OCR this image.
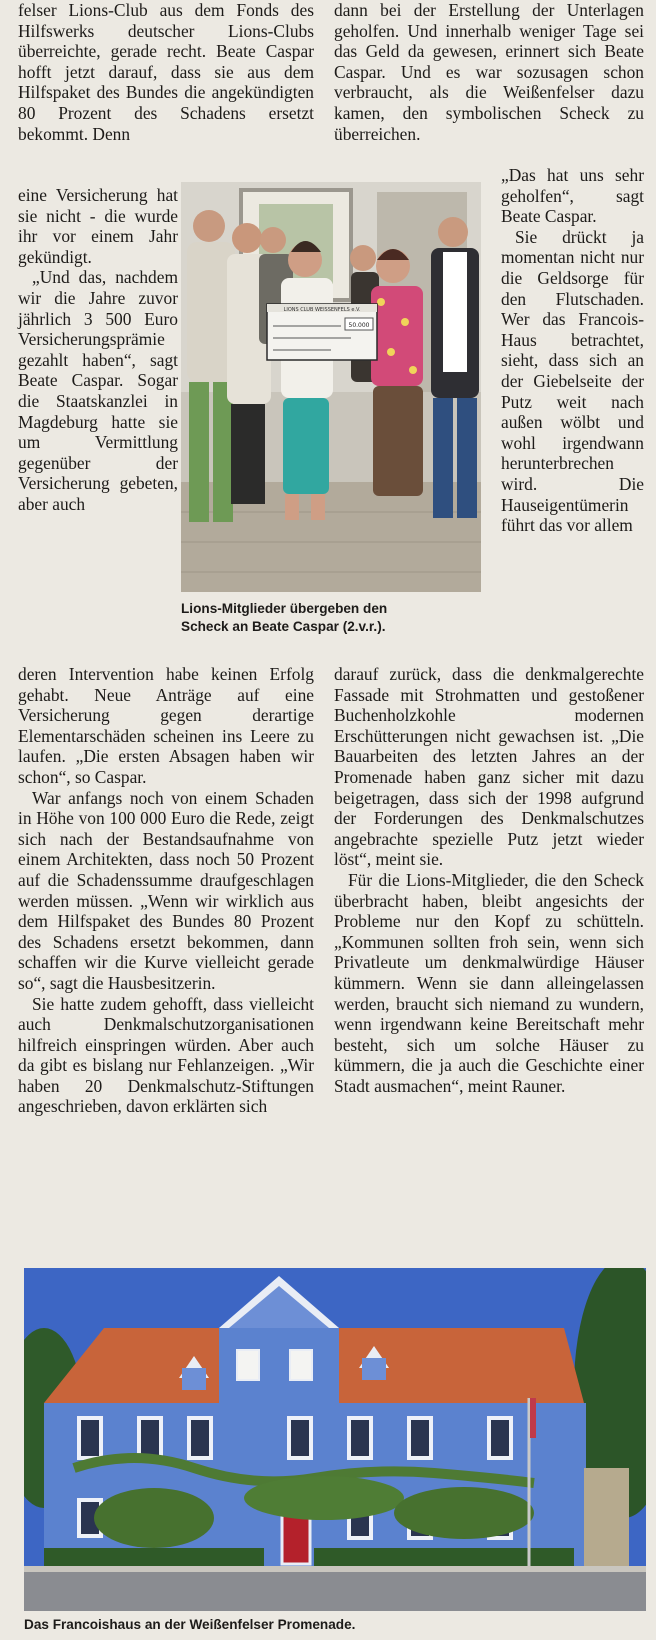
felser Lions-Club aus dem Fonds des Hilfswerks deutscher Lions-Clubs überreichte, gerade recht. Beate Caspar hofft jetzt darauf, dass sie aus dem Hilfspaket des Bundes die angekündigten 80 Prozent des Schadens ersetzt bekommt. Denn

eine Versicherung hat sie nicht - die wurde ihr vor einem Jahr gekündigt.

„Und das, nachdem wir die Jahre zuvor jährlich 3 500 Euro Versicherungsprämie gezahlt haben“, sagt Beate Caspar. Sogar die Staatskanzlei in Magdeburg hatte sie um Vermittlung gegenüber der Versicherung gebeten, aber auch

dann bei der Erstellung der Unterlagen geholfen. Und innerhalb weniger Tage sei das Geld da gewesen, erinnert sich Beate Caspar. Und es war sozusagen schon verbraucht, als die Weißenfelser dazu kamen, den symbolischen Scheck zu überreichen.

„Das hat uns sehr geholfen“, sagt Beate Caspar.

Sie drückt ja momentan nicht nur die Geldsorge für den Flutschaden. Wer das Francois-Haus betrachtet, sieht, dass sich an der Giebelseite der Putz weit nach außen wölbt und wohl irgendwann herunterbrechen wird. Die Hauseigentümerin führt das vor allem

LIONS CLUB WEISSENFELS e.V.
50.000
Lions-Mitglieder übergeben den
Scheck an Beate Caspar (2.v.r.).

deren Intervention habe keinen Erfolg gehabt. Neue Anträge auf eine Versicherung gegen derartige Elementarschäden scheinen ins Leere zu laufen. „Die ersten Absagen haben wir schon“, so Caspar.

War anfangs noch von einem Schaden in Höhe von 100 000 Euro die Rede, zeigt sich nach der Bestandsaufnahme von einem Architekten, dass noch 50 Prozent auf die Schadenssumme draufgeschlagen werden müssen. „Wenn wir wirklich aus dem Hilfspaket des Bundes 80 Prozent des Schadens ersetzt bekommen, dann schaffen wir die Kurve vielleicht gerade so“, sagt die Hausbesitzerin.

Sie hatte zudem gehofft, dass vielleicht auch Denkmalschutzorganisationen hilfreich einspringen würden. Aber auch da gibt es bislang nur Fehlanzeigen. „Wir haben 20 Denkmalschutz-Stiftungen angeschrieben, davon erklärten sich

darauf zurück, dass die denkmalgerechte Fassade mit Strohmatten und gestoßener Buchenholzkohle modernen Erschütterungen nicht gewachsen ist. „Die Bauarbeiten des letzten Jahres an der Promenade haben ganz sicher mit dazu beigetragen, dass sich der 1998 aufgrund der Forderungen des Denkmalschutzes angebrachte spezielle Putz jetzt wieder löst“, meint sie.

Für die Lions-Mitglieder, die den Scheck überbracht haben, bleibt angesichts der Probleme nur den Kopf zu schütteln. „Kommunen sollten froh sein, wenn sich Privatleute um denkmalwürdige Häuser kümmern. Wenn sie dann alleingelassen werden, braucht sich niemand zu wundern, wenn irgendwann keine Bereitschaft mehr besteht, sich um solche Häuser zu kümmern, die ja auch die Geschichte einer Stadt ausmachen“, meint Rauner.

Das Francoishaus an der Weißenfelser Promenade.
